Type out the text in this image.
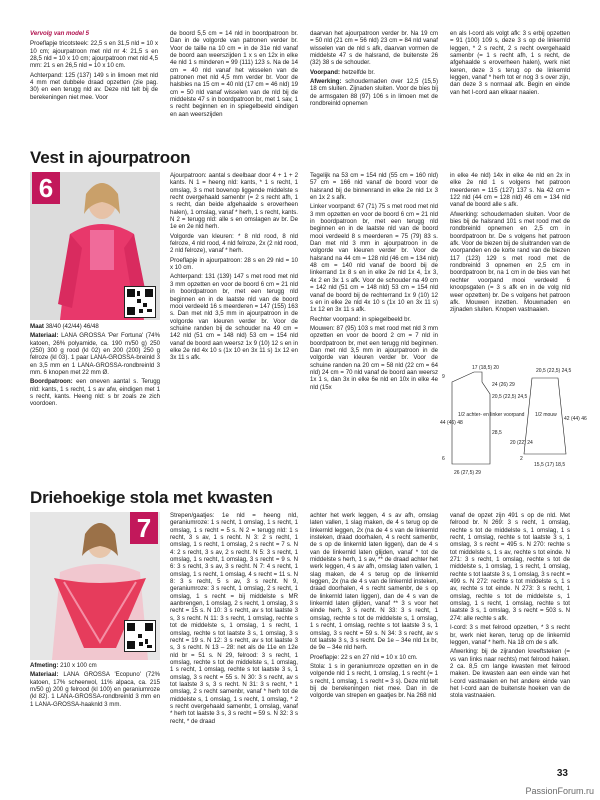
Vervolg van model 5

Proeflapje tricotsteek: 22,5 s en 31,5 nld = 10 x 10 cm; ajourpatroon met nld nr 4: 21,5 s en 28,5 nld = 10 x 10 cm; ajourpatroon met nld 4,5 mm: 21 s en 26,5 nld = 10 x 10 cm.

Achterpand: 125 (137) 149 s in limoen met nld 4 mm met dubbele draad opzetten (zie pag. 30) en een terugg nld av. Deze nld telt bij de berekeningen niet mee. Voor

de boord 5,5 cm = 14 nld in boordpatroon br. Dan in de volgorde van patronen verder br. Voor de taille na 10 cm = in de 31e nld vanaf de boord aan weerszijden 1 x s en 12x in elke 4e nld 1 s minderen = 99 (111) 123 s. Na de 14 cm = 40 nld vanaf het wisselen van de patronen met nld 4,5 mm verder br. Voor de halsbies na 15 cm = 40 nld (17 cm = 46 nld) 19 cm = 50 nld vanaf wisselen van de nld bij de middelste 47 s in boordpatroon br, met 1 sav, 1 s recht beginnen en in spiegelbeeld eindigen en aan weerszijden

daarvan het ajourpatroon verder br. Na 19 cm = 50 nld (21 cm = 56 nld) 23 cm = 84 nld vanaf wisselen van de nld s afk, daarvan vormen de middelste 47 s de halsrand, de buitenste 26 (32) 38 s de schouder.

Voorpand: hetzelfde br.

Afwerking: schoudernaden over 12,5 (15,5) 18 cm sluiten. Zijnaden sluiten. Voor de bies bij de armsgaten 88 (97) 106 s in limoen met de rondbreinld opnemen

en als I-cord als volgt afk: 3 s erbij opzetten = 91 (100) 109 s, deze 3 s op de linkernld leggen, * 2 s recht, 2 s recht overgehaald samenbr (= 1 s recht afh, 1 s recht, de afgehaalde s eroverheen halen), werk niet keren, deze 3 s terug op de linkernld leggen, vanaf * herh tot er nog 3 s over zijn, dan deze 3 s normaal afk. Begin en einde van het I-cord aan elkaar naaien.

Vest in ajourpatroon
6

Maat 38/40 (42/44) 46/48

Materiaal: LANA GROSSA 'Per Fortuna' (74% katoen, 26% polyamide, ca. 190 m/50 g) 250 (250) 300 g rood (kl 02) en 200 (200) 250 g felroze (kl 03). 1 paar LANA-GROSSA-breinld 3 en 3,5 mm en 1 LANA-GROSSA-rondbreinld 3 mm. 6 knopen met 22 mm Ø.

Boordpatroon: een oneven aantal s. Terugg nld: kants, 1 s recht, 1 s av afw, eindigen met 1 s recht, kants. Heeng nld: s br zoals ze zich voordoen.

Ajourpatroon: aantal s deelbaar door 4 + 1 + 2 kants. N 1 = heeng nld: kants, * 1 s recht, 1 omslag, 3 s met bovenop liggende middelste s recht overgehaald samenbr (= 2 s recht afh, 1 s recht, dan beide afgehaalde s eroverheen halen), 1 omslag, vanaf * herh, 1 s recht, kants. N 2 = terugg nld: alle s en omslagen av br. De 1e en 2e nld herh.

Volgorde van kleuren: * 8 nld rood, 8 nld felroze, 4 nld rood, 4 nld felroze, 2x (2 nld rood, 2 nld felroze), vanaf * herh.

Proeflapje in ajourpatroon: 28 s en 29 nld = 10 x 10 cm.

Achterpand: 131 (139) 147 s met rood met nld 3 mm opzetten en voor de boord 6 cm = 21 nld in boordpatroon br, met een terugg nld beginnen en in de laatste nld van de boord mooi verdeeld 16 s meerderen = 147 (155) 163 s. Dan met nld 3,5 mm in ajourpatroon in de volgorde van kleuren verder br. Voor de schuine randen bij de schouder na 49 cm = 142 nld (51 cm = 148 nld) 53 cm = 154 nld vanaf de boord aan weersz 1x 9 (10) 12 s en in elke 2e nld 4x 10 s (1x 10 en 3x 11 s) 1x 12 en 3x 11 s afk.

Tegelijk na 53 cm = 154 nld (55 cm = 160 nld) 57 cm = 166 nld vanaf de boord voor de halsrand bij de binnenrand in elke 2e nld 1x 3 en 1x 2 s afk.

Linker voorpand: 67 (71) 75 s met rood met nld 3 mm opzetten en voor de boord 6 cm = 21 nld in boordpatroon br, met een terugg nld beginnen en in de laatste nld van de boord mooi verdeeld 8 s meerderen = 75 (79) 83 s. Dan met nld 3 mm in ajourpatroon in de volgorde van kleuren verder br. Voor de halsrand na 44 cm = 128 nld (46 cm = 134 nld) 48 cm = 140 nld vanaf de boord bij de linkerrand 1x 8 s en in elke 2e nld 1x 4, 1x 3, 4x 2 en 3x 1 s afk. Voor de schouder na 49 cm = 142 nld (51 cm = 148 nld) 53 cm = 154 nld vanaf de boord bij de rechterrand 1x 9 (10) 12 s en in elke 2e nld 4x 10 s (1x 10 en 3x 11 s) 1x 12 en 3x 11 s afk.

Rechter voorpand: in spiegelbeeld br.

Mouwen: 87 (95) 103 s met rood met nld 3 mm opzetten en voor de boord 2 cm = 7 nld in boordpatroon br, met een terugg nld beginnen. Dan met nld 3,5 mm in ajourpatroon in de volgorde van kleuren verder br. Voor de schuine randen na 20 cm = 58 nld (22 cm = 64 nld) 24 cm = 70 nld vanaf de boord aan weersz 1x 1 s, dan 3x in elke 6e nld en 10x in elke 4e nld (15x

in elke 4e nld) 14x in elke 4e nld en 2x in elke 2e nld 1 s volgens het patroon meerderen = 115 (127) 137 s. Na 42 cm = 122 nld (44 cm = 128 nld) 46 cm = 134 nld vanaf de boord alle s afk.

Afwerking: schoudernaden sluiten. Voor de bies bij de halsrand 101 s met rood met de rondbreinld opnemen en 2,5 cm in boordpatroon br. De s volgens het patroon afk. Voor de biezen bij de sluitranden van de voorpanden en de korte rand van de biezen 117 (123) 129 s met rood met de rondbreinld 3 opnemen en 2,5 cm in boordpatroon br, na 1 cm in de bies van het rechter voorpand mooi verdeeld 6 knoopsgaten (= 3 s afk en in de volg nld weer opzetten) br. De s volgens het patroon afk. Mouwen inzetten. Mouwnaden en zijnaden sluiten. Knopen vastnaaien.

1/2 achter- en linker voorpand 1/2 mouw
17 (18,5) 20
9
24 (26) 29
20,5 (22,5) 24,5
44 (46) 48
28,5
26 (27,5) 29
6
20,5 (22,5) 24,5
42 (44) 46
20 (22) 24
15,5 (17) 18,5
2
Driehoekige stola met kwasten
7

Afmeting: 210 x 100 cm

Materiaal: LANA GROSSA 'Ecopuno' (72% katoen, 17% scheerwol, 11% alpaca, ca. 215 m/50 g) 200 g felrood (kl 100) en geraniumroze (kl 82). 1 LANA-GROSSA-rondbreinld 3 mm en 1 LANA-GROSSA-haaknld 3 mm.

Strepen/gaatjes: 1e nld = heeng nld, geraniumroze: 1 s recht, 1 omslag, 1 s recht, 1 omslag, 1 s recht = 5 s. N 2 = terugg nld: 1 s recht, 3 s av, 1 s recht. N 3: 2 s recht, 1 omslag, 1 s recht, 1 omslag, 2 s recht = 7 s. N 4: 2 s recht, 3 s av, 2 s recht. N 5: 3 s recht, 1 omslag, 1 s recht, 1 omslag, 3 s recht = 9 s. N 6: 3 s recht, 3 s av, 3 s recht. N 7: 4 s recht, 1 omslag, 1 s recht, 1 omslag, 4 s recht = 11 s. N 8: 3 s recht, 5 s av, 3 s recht. N 9, geraniumroze: 3 s recht, 1 omslag, 2 s recht, 1 omslag, 1 s recht = bij middelste s MR aanbrengen, 1 omslag, 2 s recht, 1 omslag, 3 s recht = 15 s. N 10: 3 s recht, av s tot laatste 3 s, 3 s recht. N 11: 3 s recht, 1 omslag, rechte s tot de middelste s, 1 omslag, 1 s recht, 1 omslag, rechte s tot laatste 3 s, 1 omslag, 3 s recht = 19 s. N 12: 3 s recht, av s tot laatste 3 s, 3 s recht. N 13 – 28: net als de 11e en 12e nld br = 51 s. N 29, felrood: 3 s recht, 1 omslag, rechte s tot de middelste s, 1 omslag, 1 s recht, 1 omslag, rechte s tot laatste 3 s, 1 omslag, 3 s recht = 55 s. N 30: 3 s recht, av s tot laatste 3 s, 3 s recht. N 31: 3 s recht, * 1 omslag, 2 s recht samenbr, vanaf * herh tot de middelste s, 1 omslag, 1 s recht, 1 omslag, * 2 s recht overgehaald samenbr, 1 omslag, vanaf * herh tot laatste 3 s, 3 s recht = 59 s. N 32: 3 s recht, * de draad

achter het werk leggen, 4 s av afh, omslag laten vallen, 1 slag maken, de 4 s terug op de linkernld leggen, 2x (na de 4 s van de linkernld insteken, draad doorhalen, 4 s recht samenbr, de s op de linkernld laten liggen), dan de 4 s van de linkernld laten glijden, vanaf * tot de middelste s herh, 1 s av, ** de draad achter het werk leggen, 4 s av afh, omslag laten vallen, 1 slag maken, de 4 s terug op de linkernld leggen, 2x (na de 4 s van de linkernld insteken, draad doorhalen, 4 s recht samenbr, de s op de linkernld laten liggen), dan de 4 s van de linkernld laten glijden, vanaf ** 3 s voor het einde herh, 3 s recht. N 33: 3 s recht, 1 omslag, rechte s tot de middelste s, 1 omslag, 1 s recht, 1 omslag, rechte s tot laatste 3 s, 1 omslag, 3 s recht = 59 s. N 34: 3 s recht, av s tot laatste 3 s, 3 s recht. De 1e – 34e nld 1x br, de 9e – 34e nld herh.

Proeflapje: 22 s en 27 nld = 10 x 10 cm.

Stola: 1 s in geraniumroze opzetten en in de volgende nld 1 s recht, 1 omslag, 1 s recht (= 1 s recht, 1 omslag, 1 s recht = 3 s). Deze nld telt bij de berekeningen niet mee. Dan in de volgorde van strepen en gaatjes br. Na 268 nld

vanaf de opzet zijn 491 s op de nld. Met felrood br. N 269: 3 s recht, 1 omslag, rechte s tot de middelste s, 1 omslag, 1 s recht, 1 omslag, rechte s tot laatste 3 s, 1 omslag, 3 s recht = 495 s. N 270: rechte s tot middelste s, 1 s av, rechte s tot einde. N 271: 3 s recht, 1 omslag, rechte s tot de middelste s, 1 omslag, 1 s recht, 1 omslag, rechte s tot laatste 3 s, 1 omslag, 3 s recht = 499 s. N 272: rechte s tot middelste s, 1 s av, rechte s tot einde. N 273: 3 s recht, 1 omslag, rechte s tot de middelste s, 1 omslag, 1 s recht, 1 omslag, rechte s tot laatste 3 s, 1 omslag, 3 s recht = 503 s. N 274: alle rechte s afk.

I-cord: 3 s met felrood opzetten, * 3 s recht br, werk niet keren, terug op de linkernld leggen, vanaf * herh. Na 18 cm de s afk.

Afwerking: bij de zijranden kreeftsteken (= vs van links naar rechts) met felrood haken. 2 ca. 8,5 cm lange kwasten met felrood maken. De kwasten aan een einde van het I-cord vastnaaien en het andere einde van het I-cord aan de buitenste hoeken van de stola vastnaaien.

33
PassionForum.ru
